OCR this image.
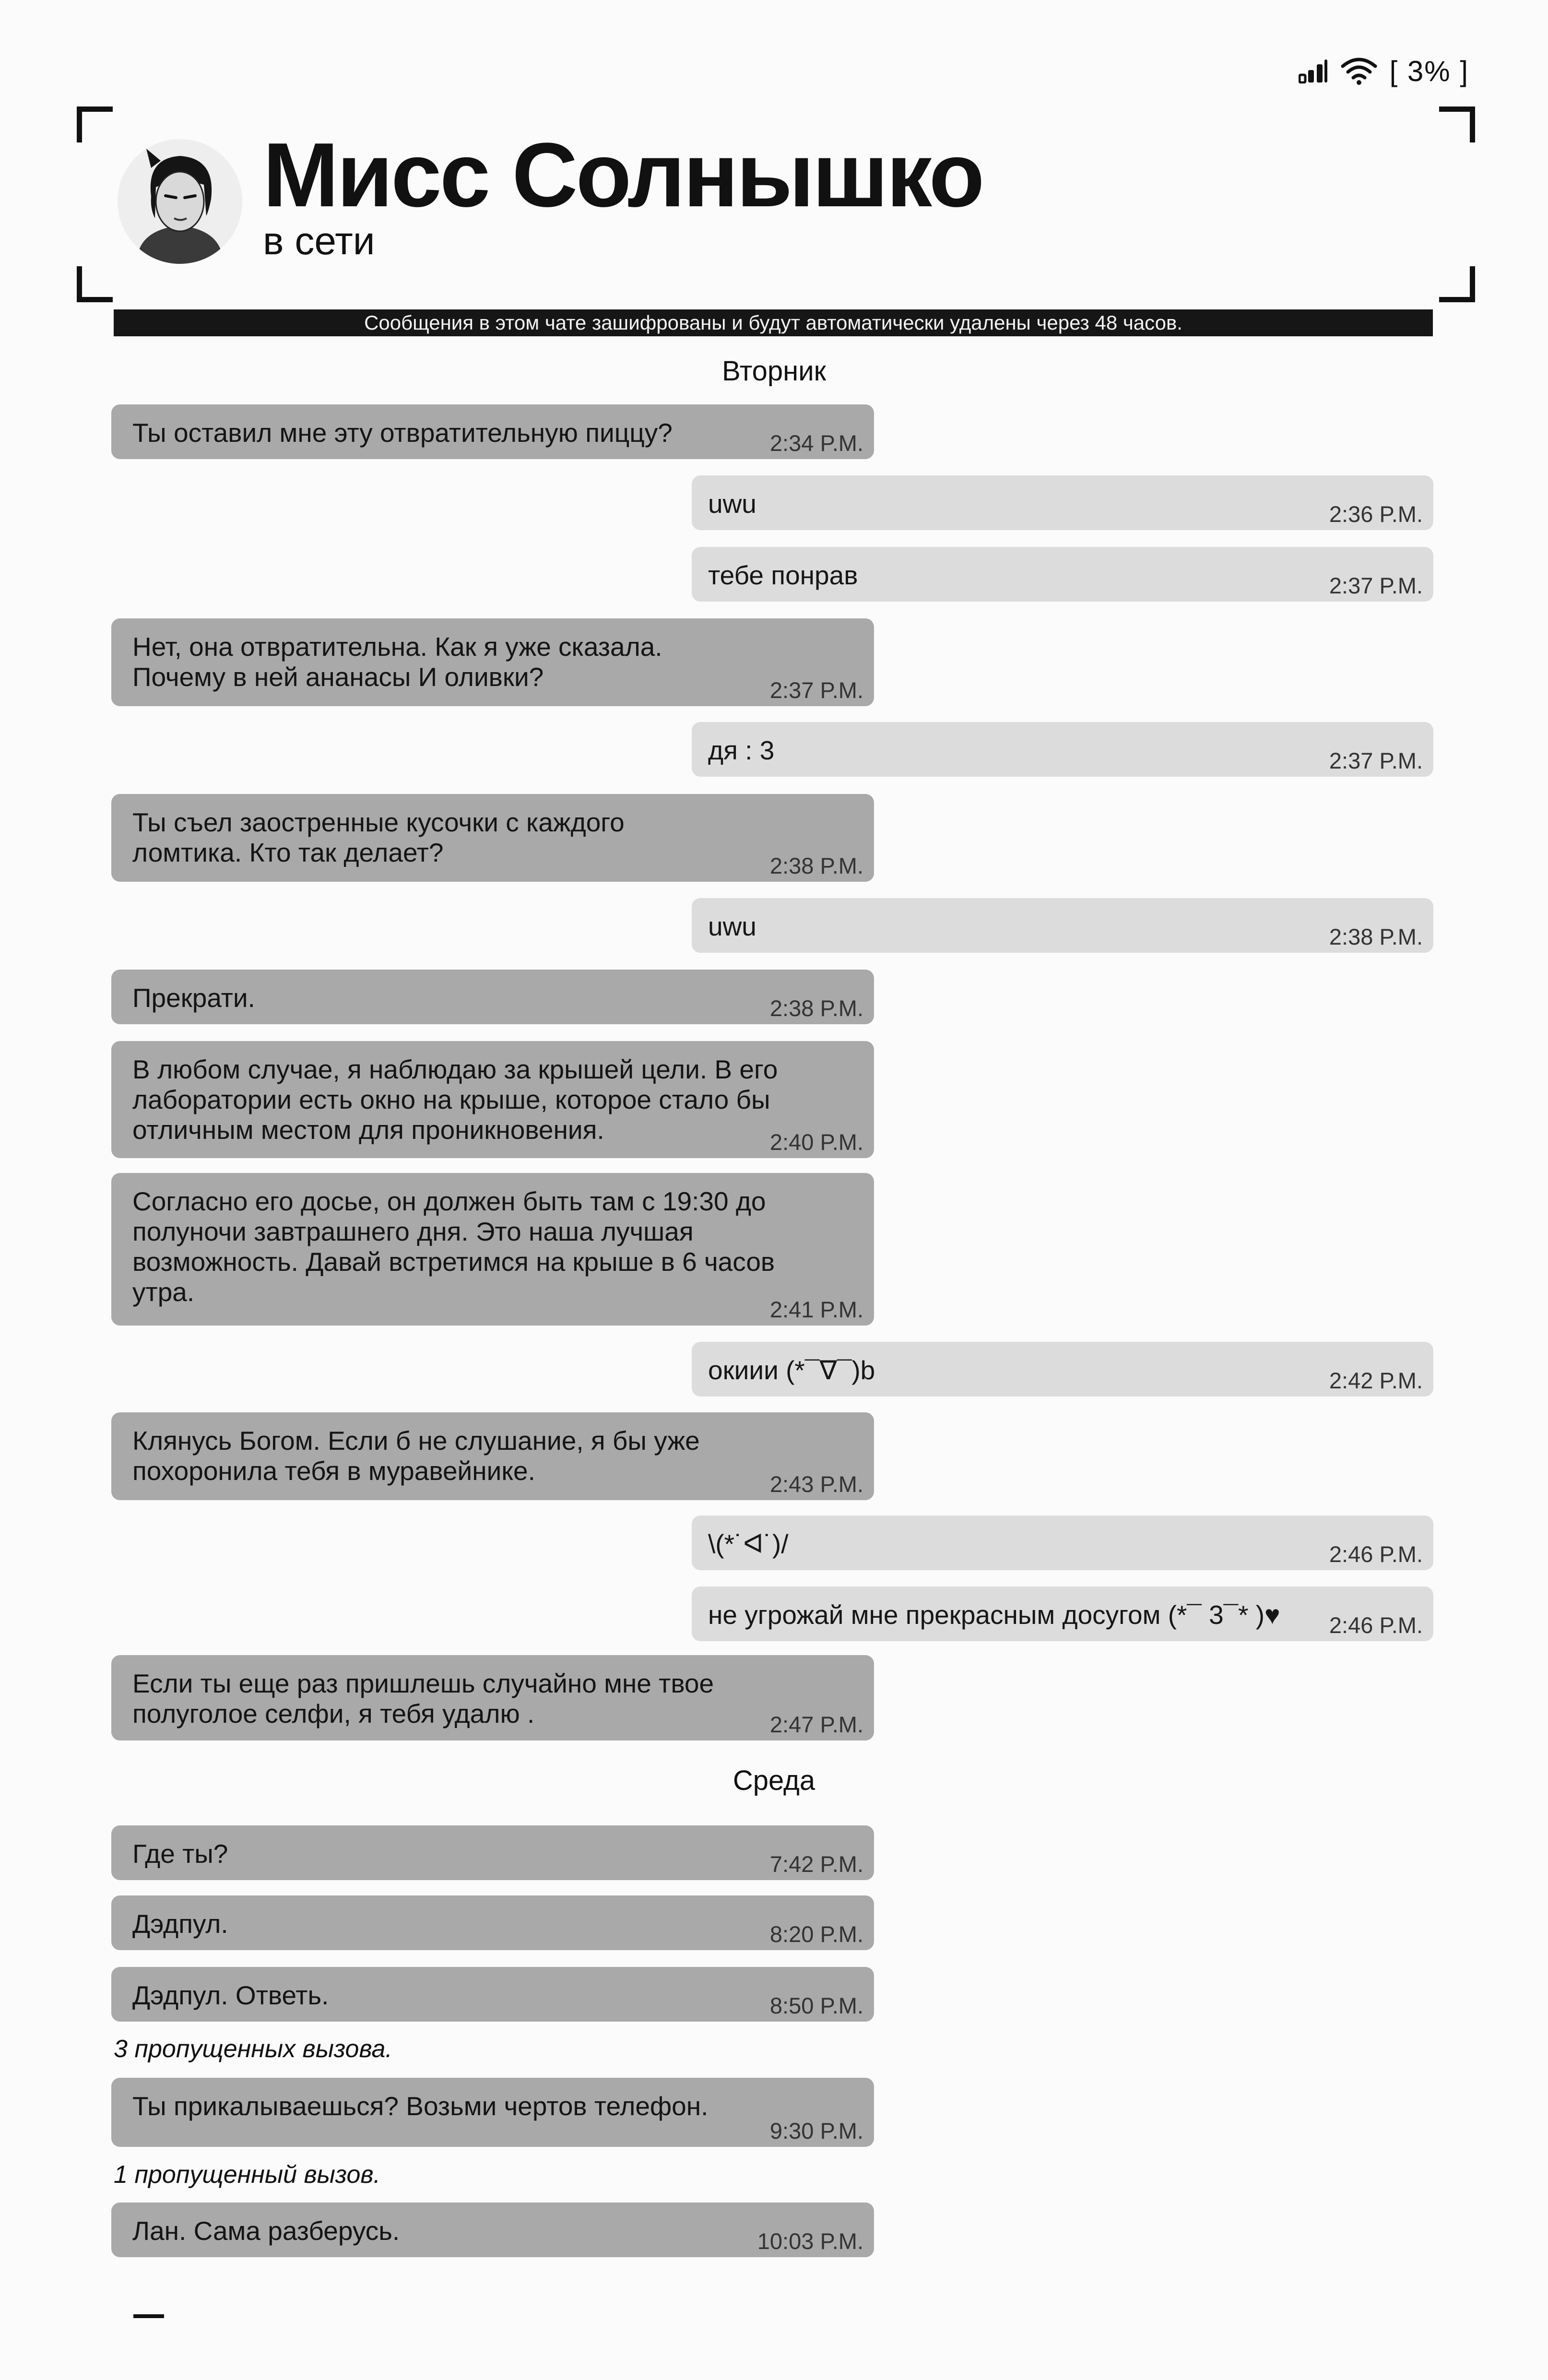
[ 3% ]
Мисс Солнышко
в сети
Сообщения в этом чате зашифрованы и будут автоматически удалены через 48 часов.
Вторник
Среда
Ты оставил мне эту отвратительную пиццу?	2:34 P.M.
uwu	2:36 P.M.
тебе понрав	2:37 P.M.
Нет, она отвратительна. Как я уже сказала.
Почему в ней ананасы И оливки?	2:37 P.M.
дя : 3	2:37 P.M.
Ты съел заостренные кусочки с каждого
ломтика. Кто так делает?	2:38 P.M.
uwu	2:38 P.M.
Прекрати.	2:38 P.M.
В любом случае, я наблюдаю за крышей цели. В его
лаборатории есть окно на крыше, которое стало бы
отличным местом для проникновения.	2:40 P.M.
Согласно его досье, он должен быть там с 19:30 до
полуночи завтрашнего дня. Это наша лучшая
возможность. Давай встретимся на крыше в 6 часов
утра.
2:41 P.M.
окиии (*¯∇¯)b	2:42 P.M.
Клянусь Богом. Если б не слушание, я бы уже
похоронила тебя в муравейнике.	2:43 P.M.
\(*˙ᐊ˙)/	2:46 P.M.
не угрожай мне прекрасным досугом (*¯ 3¯* )♥ 2:46 P.M.
Если ты еще раз пришлешь случайно мне твое
полуголое селфи, я тебя удалю .	2:47 P.M.
Где ты?	7:42 P.M.
Дэдпул.	8:20 P.M.
Дэдпул. Ответь.	8:50 P.M.
3 пропущенных вызова.
Ты прикалываешься? Возьми чертов телефон.
9:30 P.M.
1 пропущенный вызов.
Лан. Сама разберусь.	10:03 P.M.
